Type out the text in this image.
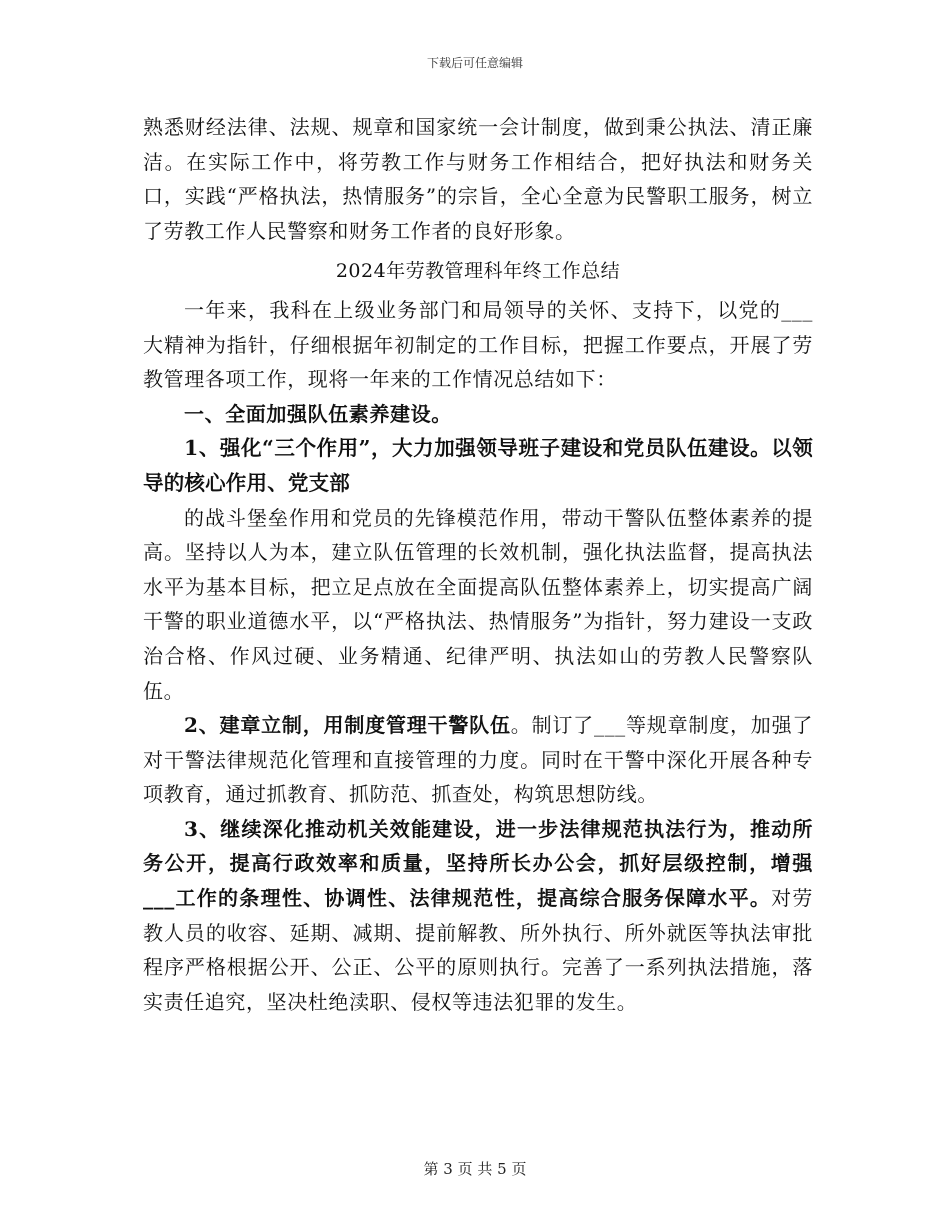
下载后可任意编辑

熟悉财经法律、法规、规章和国家统一会计制度，做到秉公执法、清正廉洁。在实际工作中，将劳教工作与财务工作相结合，把好执法和财务关口，实践“严格执法，热情服务”的宗旨，全心全意为民警职工服务，树立了劳教工作人民警察和财务工作者的良好形象。

2024年劳教管理科年终工作总结

一年来，我科在上级业务部门和局领导的关怀、支持下，以党的___大精神为指针，仔细根据年初制定的工作目标，把握工作要点，开展了劳教管理各项工作，现将一年来的工作情况总结如下：

一、全面加强队伍素养建设。

1、强化“三个作用”，大力加强领导班子建设和党员队伍建设。以领导的核心作用、党支部

的战斗堡垒作用和党员的先锋模范作用，带动干警队伍整体素养的提高。坚持以人为本，建立队伍管理的长效机制，强化执法监督，提高执法水平为基本目标，把立足点放在全面提高队伍整体素养上，切实提高广阔干警的职业道德水平，以“严格执法、热情服务”为指针，努力建设一支政治合格、作风过硬、业务精通、纪律严明、执法如山的劳教人民警察队伍。

2、建章立制，用制度管理干警队伍。制订了___等规章制度，加强了对干警法律规范化管理和直接管理的力度。同时在干警中深化开展各种专项教育，通过抓教育、抓防范、抓查处，构筑思想防线。

3、继续深化推动机关效能建设，进一步法律规范执法行为，推动所务公开，提高行政效率和质量，坚持所长办公会，抓好层级控制，增强___工作的条理性、协调性、法律规范性，提高综合服务保障水平。对劳教人员的收容、延期、减期、提前解教、所外执行、所外就医等执法审批程序严格根据公开、公正、公平的原则执行。完善了一系列执法措施，落实责任追究，坚决杜绝渎职、侵权等违法犯罪的发生。

第 3 页 共 5 页
